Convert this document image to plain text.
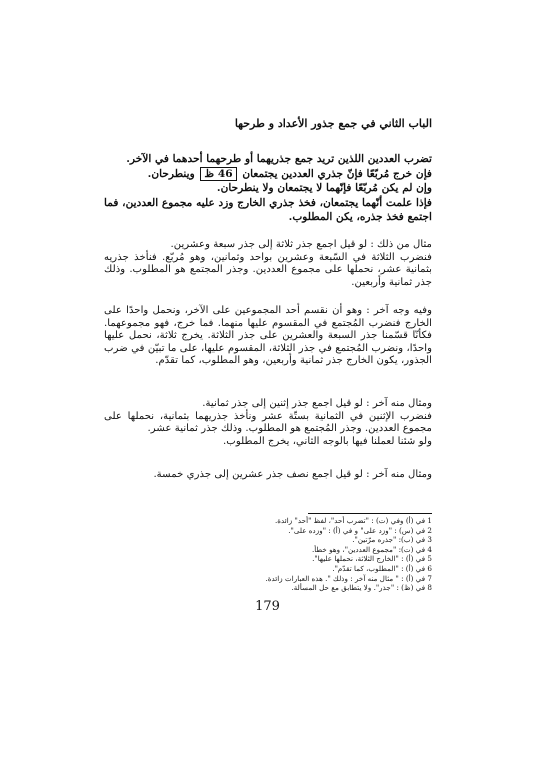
الباب الثاني في جمع جذور الأعداد و طرحها
تضرب العددين اللذين تريد جمع جذريهما أو طرحهما أحدهما في الآخر.
فإن خرج مُربّعًا فإنّ جذري العددين يجتمعان 46 ظ وينطرحان.
وإن لم يكن مُربّعًا فإنّهما لا يجتمعان ولا ينطرحان.
فإذا علمت أنّهما يجتمعان، فخذ جذري الخارج وزد عليه مجموع العددين، فما اجتمع فخذ جذره، يكن المطلوب.
مثال من ذلك : لو قيل اجمع جذر ثلاثة إلى جذر سبعة وعشرين.
فنضرب الثلاثة في السّبعة وعشرين بواحد وثمانين، وهو مُربّع. فنأخذ جذريه بثمانية عشر، نحملها على مجموع العددين. وجذر المجتمع هو المطلوب. وذلك جذر ثمانية وأربعين.
وفيه وجه آخر : وهو أن نقسم أحد المجموعين على الآخر، ونحمل واحدًا على الخارج فنضرب المُجتمع في المقسوم عليها منهما. فما خرج، فهو مجموعهما. فكأنّا قسّمنا جذر السبعة والعشرين على جذر الثلاثة. يخرج ثلاثة، نحمل عليها واحدًا، ونضرب المُجتمع في جذر الثلاثة، المقسوم عليها، على ما تبيّن في ضرب الجذور، يكون الخارج جذر ثمانية وأربعين، وهو المطلوب، كما تقدّم.
ومثال منه آخر : لو قيل اجمع جذر إثنين إلى جذر ثمانية.
فنضرب الإثنين في الثمانية بستّة عشر ونأخذ جذريهما بثمانية، نحملها على مجموع العددين. وجذر المُجتمع هو المطلوب. وذلك جذر ثمانية عشر.
ولو شئنا لعملنا فيها بالوجه الثاني، يخرج المطلوب.
ومثال منه آخر : لو قيل اجمع نصف جذر عشرين إلى جذري خمسة.
1 في (أ) وفي (ت) : "تضرب أحد"، لفظ "أحد" زائدة.
2 في (س) : "وزد على" و في (أ) : "وزده على".
3 في (ب): "جذره مرّتين".
4 في (ت): "مجموع العددين"، وهو خطأ.
5 في (أ) : "الخارج الثلاثة، نحملها عليها".
6 في (أ) : "المطلوب، كما تقدّم".
7 في (أ) : " مثال منه آخر : وذلك ". هذه العبارات زائدة.
8 في (ظ) : "جذر". ولا يتطابق مع حل المسألة.
179
